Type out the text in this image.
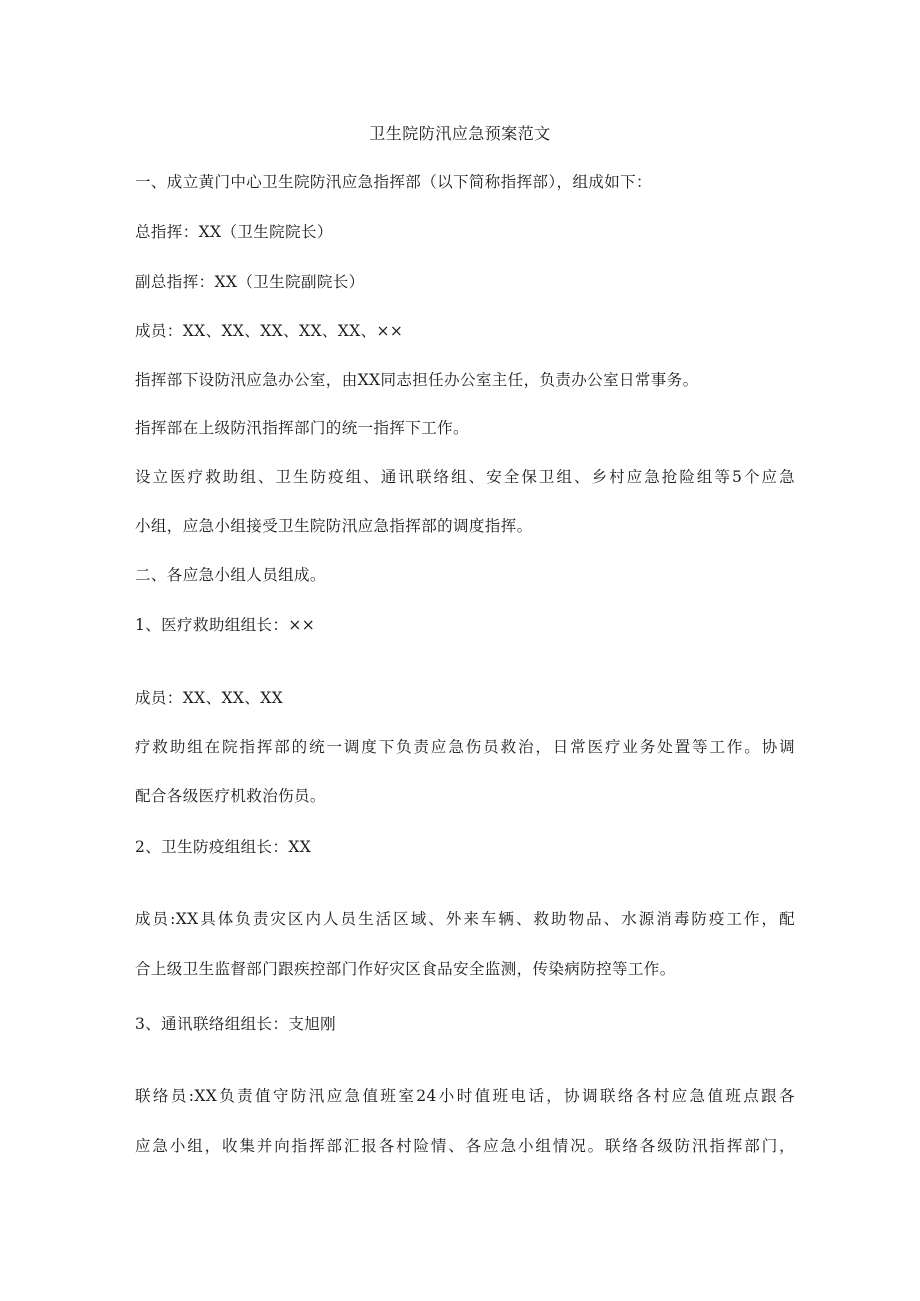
卫生院防汛应急预案范文
一、成立黄门中心卫生院防汛应急指挥部（以下简称指挥部），组成如下：
总指挥：XX（卫生院院长）
副总指挥：XX（卫生院副院长）
成员：XX、XX、XX、XX、XX、××
指挥部下设防汛应急办公室，由XX同志担任办公室主任，负责办公室日常事务。
指挥部在上级防汛指挥部门的统一指挥下工作。
设立医疗救助组、卫生防疫组、通讯联络组、安全保卫组、乡村应急抢险组等5个应急
小组，应急小组接受卫生院防汛应急指挥部的调度指挥。
二、各应急小组人员组成。
1、医疗救助组组长：××
成员：XX、XX、XX
疗救助组在院指挥部的统一调度下负责应急伤员救治，日常医疗业务处置等工作。协调
配合各级医疗机救治伤员。
2、卫生防疫组组长：XX
成员:XX具体负责灾区内人员生活区域、外来车辆、救助物品、水源消毒防疫工作，配
合上级卫生监督部门跟疾控部门作好灾区食品安全监测，传染病防控等工作。
3、通讯联络组组长：支旭刚
联络员:XX负责值守防汛应急值班室24小时值班电话，协调联络各村应急值班点跟各
应急小组，收集并向指挥部汇报各村险情、各应急小组情况。联络各级防汛指挥部门，
